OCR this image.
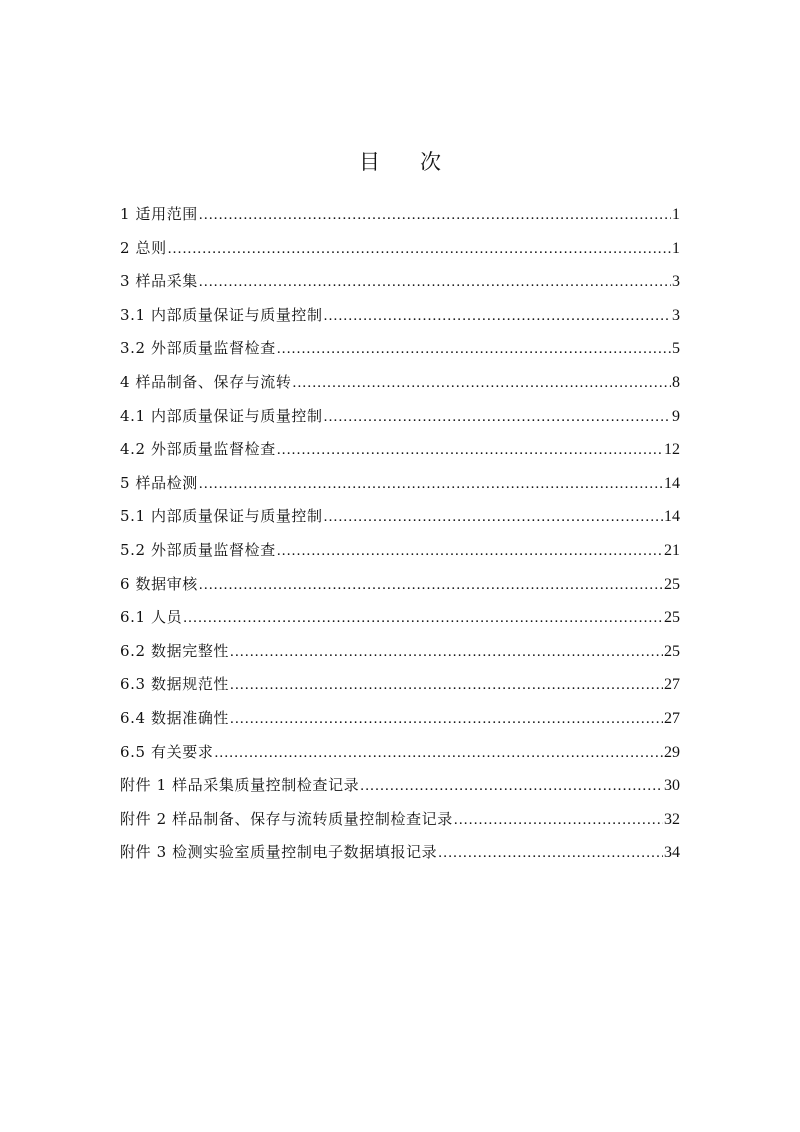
目 次
1 适用范围 .....	1
2 总则 .....	1
3 样品采集 .....	3
3.1 内部质量保证与质量控制 .....	3
3.2 外部质量监督检查 .....	5
4 样品制备、保存与流转 .....	8
4.1 内部质量保证与质量控制 .....	9
4.2 外部质量监督检查 .....	12
5 样品检测 .....	14
5.1 内部质量保证与质量控制 .....	14
5.2 外部质量监督检查 .....	21
6 数据审核 .....	25
6.1 人员 .....	25
6.2 数据完整性 .....	25
6.3 数据规范性 .....	27
6.4 数据准确性 .....	27
6.5 有关要求 .....	29
附件 1 样品采集质量控制检查记录 .....	30
附件 2 样品制备、保存与流转质量控制检查记录 .....	32
附件 3 检测实验室质量控制电子数据填报记录 .....	34
